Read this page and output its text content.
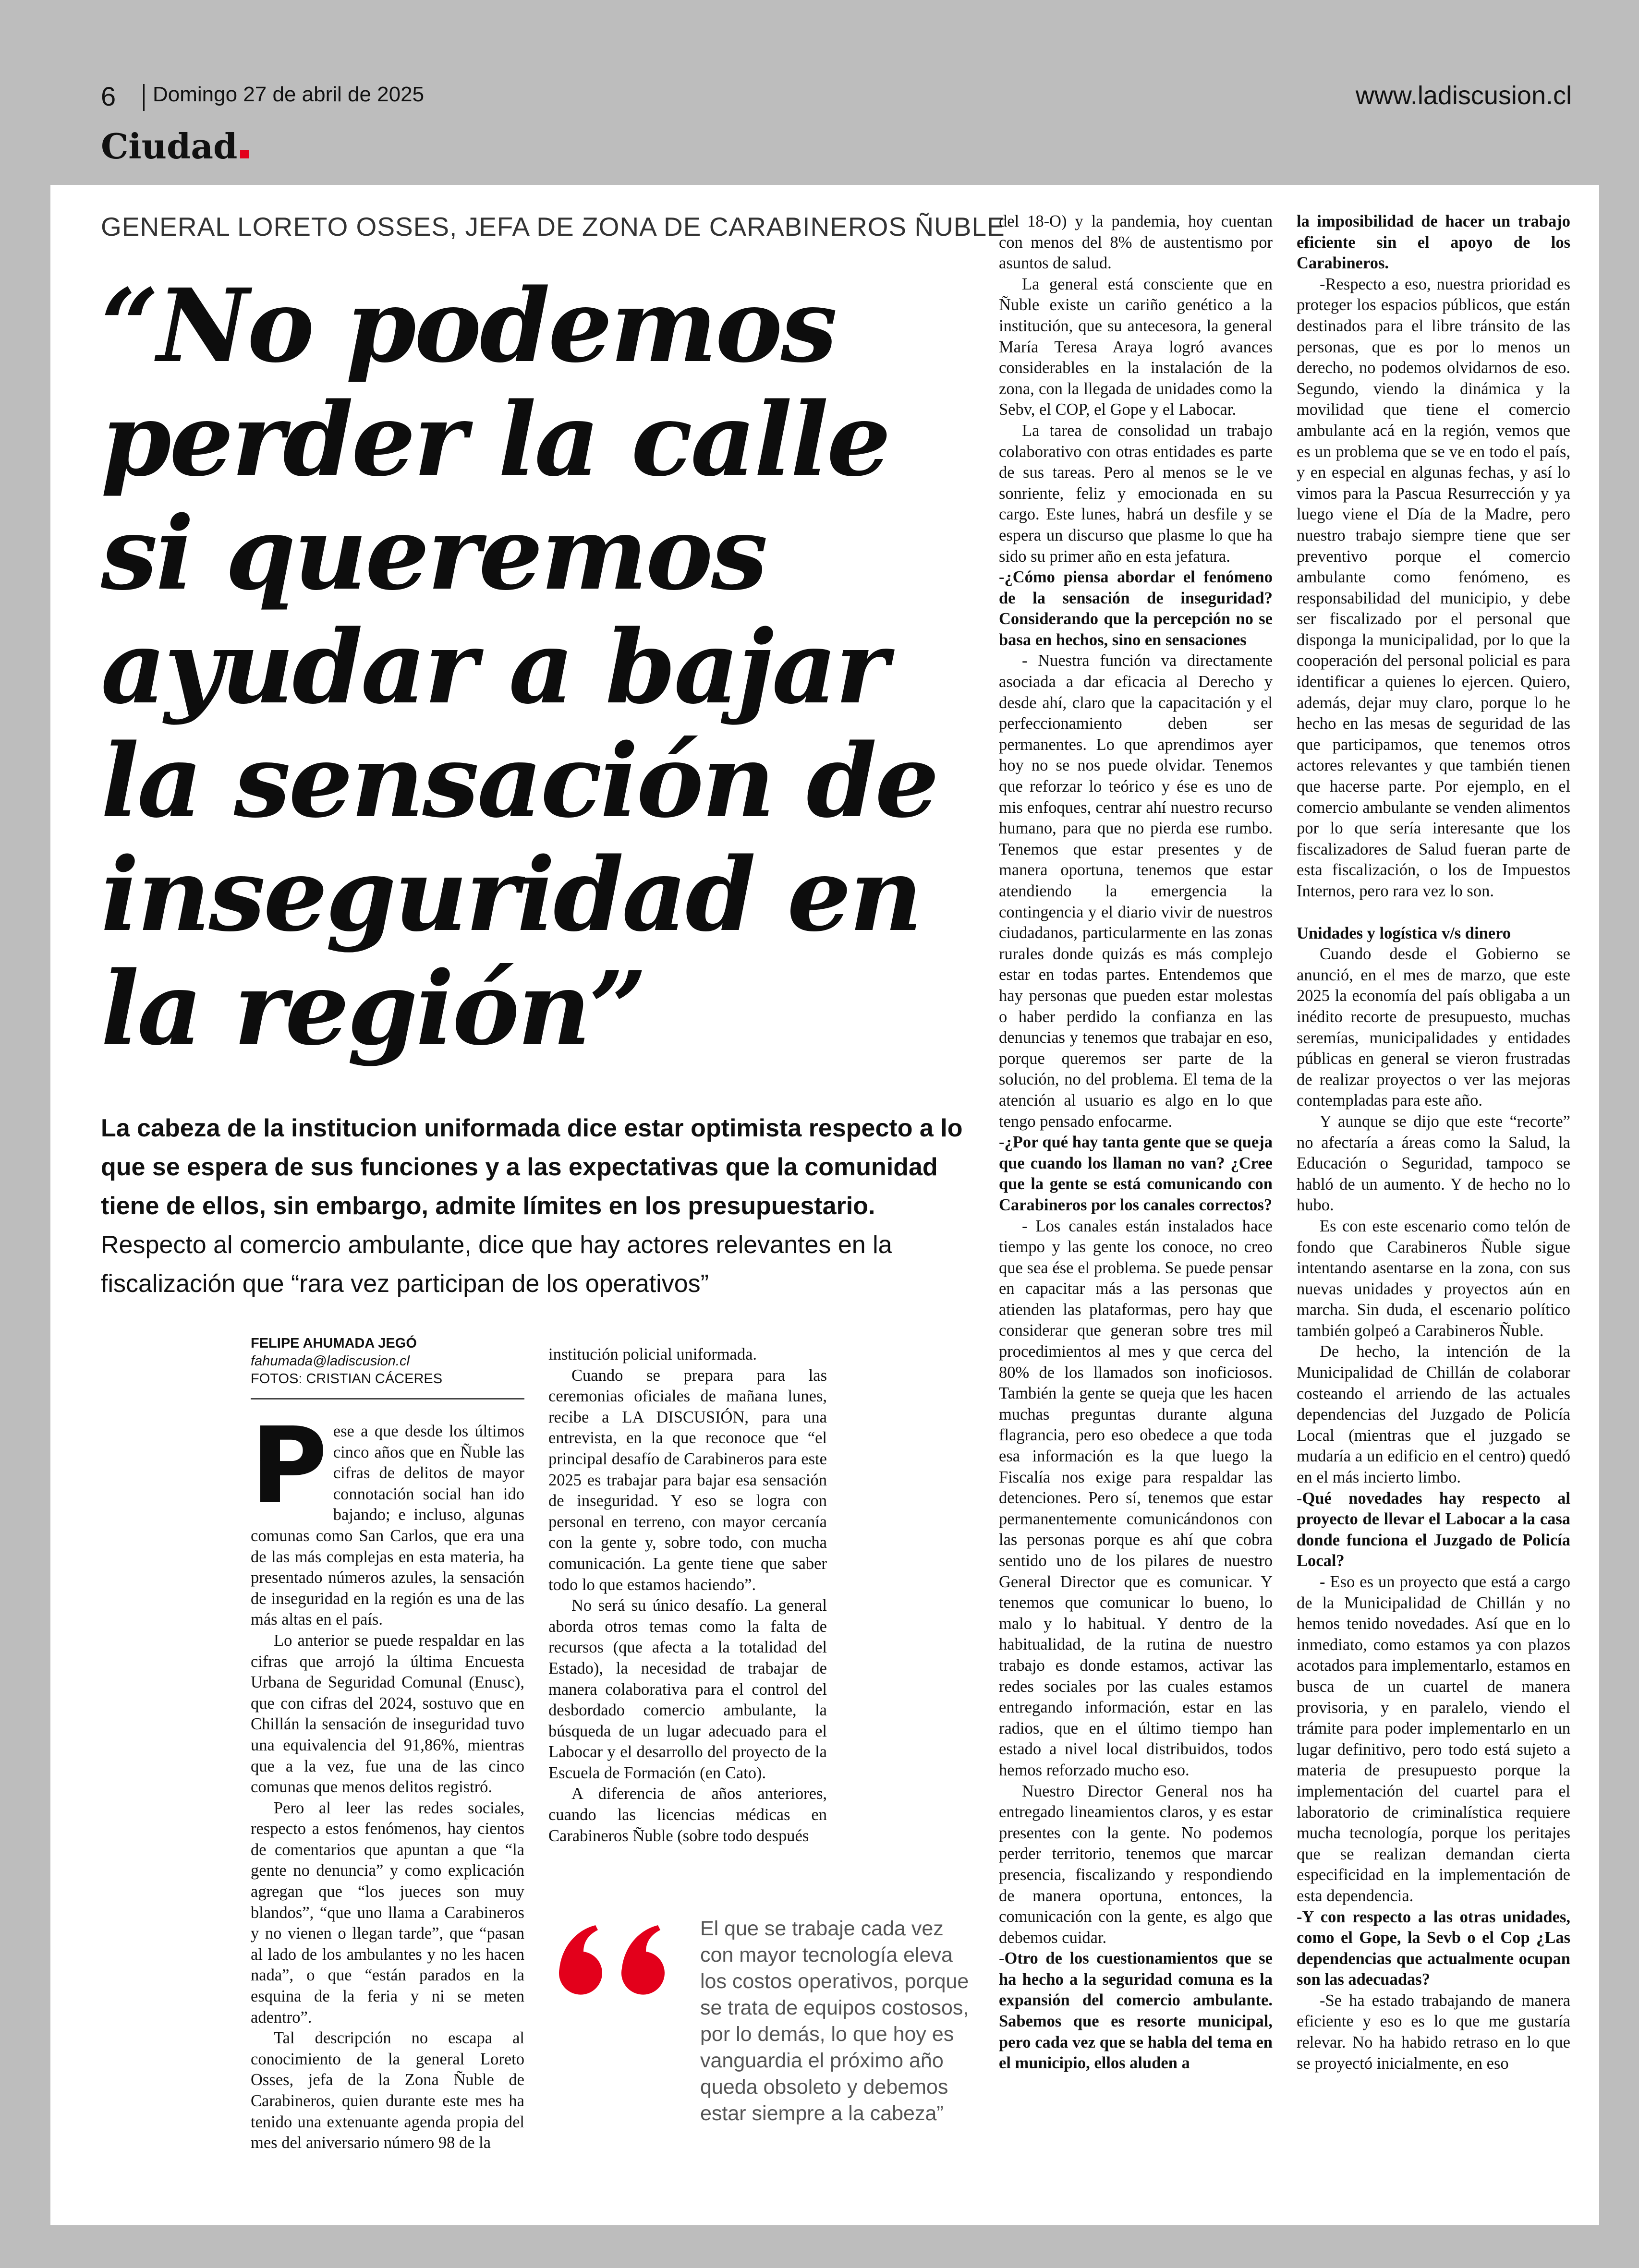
6 Domingo 27 de abril de 2025	www.ladiscusion.cl
Ciudad
GENERAL LORETO OSSES, JEFA DE ZONA DE CARABINEROS ÑUBLE
“No podemos perder la calle si queremos ayudar a bajar la sensación de inseguridad en la región”
La cabeza de la institucion uniformada dice estar optimista respecto a lo que se espera de sus funciones y a las expectativas que la comunidad tiene de ellos, sin embargo, admite límites en los presupuestario. Respecto al comercio ambulante, dice que hay actores relevantes en la fiscalización que “rara vez participan de los operativos”
FELIPE AHUMADA JEGÓ
fahumada@ladiscusion.cl
FOTOS: CRISTIAN CÁCERES
P ese a que desde los últimos cinco años que en Ñuble las cifras de delitos de mayor connotación social han ido bajando; e incluso, algunas comunas como San Carlos, que era una de las más complejas en esta materia, ha presentado números azules, la sensación de inseguridad en la región es una de las más altas en el país.

Lo anterior se puede respaldar en las cifras que arrojó la última Encuesta Urbana de Seguridad Comunal (Enusc), que con cifras del 2024, sostuvo que en Chillán la sensación de inseguridad tuvo una equivalencia del 91,86%, mientras que a la vez, fue una de las cinco comunas que menos delitos registró.

Pero al leer las redes sociales, respecto a estos fenómenos, hay cientos de comentarios que apuntan a que “la gente no denuncia” y como explicación agregan que “los jueces son muy blandos”, “que uno llama a Carabineros y no vienen o llegan tarde”, que “pasan al lado de los ambulantes y no les hacen nada”, o que “están parados en la esquina de la feria y ni se meten adentro”.

Tal descripción no escapa al conocimiento de la general Loreto Osses, jefa de la Zona Ñuble de Carabineros, quien durante este mes ha tenido una extenuante agenda propia del mes del aniversario número 98 de la

institución policial uniformada.

Cuando se prepara para las ceremonias oficiales de mañana lunes, recibe a LA DISCUSIÓN, para una entrevista, en la que reconoce que “el principal desafío de Carabineros para este 2025 es trabajar para bajar esa sensación de inseguridad. Y eso se logra con personal en terreno, con mayor cercanía con la gente y, sobre todo, con mucha comunicación. La gente tiene que saber todo lo que estamos haciendo”.

No será su único desafío. La general aborda otros temas como la falta de recursos (que afecta a la totalidad del Estado), la necesidad de trabajar de manera colaborativa para el control del desbordado comercio ambulante, la búsqueda de un lugar adecuado para el Labocar y el desarrollo del proyecto de la Escuela de Formación (en Cato).

A diferencia de años anteriores, cuando las licencias médicas en Carabineros Ñuble (sobre todo después

El que se trabaje cada vez con mayor tecnología eleva los costos operativos, porque se trata de equipos costosos, por lo demás, lo que hoy es vanguardia el próximo año queda obsoleto y debemos estar siempre a la cabeza”

del 18-O) y la pandemia, hoy cuentan con menos del 8% de austentismo por asuntos de salud.

La general está consciente que en Ñuble existe un cariño genético a la institución, que su antecesora, la general María Teresa Araya logró avances considerables en la instalación de la zona, con la llegada de unidades como la Sebv, el COP, el Gope y el Labocar.

La tarea de consolidad un trabajo colaborativo con otras entidades es parte de sus tareas. Pero al menos se le ve sonriente, feliz y emocionada en su cargo. Este lunes, habrá un desfile y se espera un discurso que plasme lo que ha sido su primer año en esta jefatura.

-¿Cómo piensa abordar el fenómeno de la sensación de inseguridad? Considerando que la percepción no se basa en hechos, sino en sensaciones

- Nuestra función va directamente asociada a dar eficacia al Derecho y desde ahí, claro que la capacitación y el perfeccionamiento deben ser permanentes. Lo que aprendimos ayer hoy no se nos puede olvidar. Tenemos que reforzar lo teórico y ése es uno de mis enfoques, centrar ahí nuestro recurso humano, para que no pierda ese rumbo. Tenemos que estar presentes y de manera oportuna, tenemos que estar atendiendo la emergencia la contingencia y el diario vivir de nuestros ciudadanos, particularmente en las zonas rurales donde quizás es más complejo estar en todas partes. Entendemos que hay personas que pueden estar molestas o haber perdido la confianza en las denuncias y tenemos que trabajar en eso, porque queremos ser parte de la solución, no del problema. El tema de la atención al usuario es algo en lo que tengo pensado enfocarme.

-¿Por qué hay tanta gente que se queja que cuando los llaman no van? ¿Cree que la gente se está comunicando con Carabineros por los canales correctos?

- Los canales están instalados hace tiempo y las gente los conoce, no creo que sea ése el problema. Se puede pensar en capacitar más a las personas que atienden las plataformas, pero hay que considerar que generan sobre tres mil procedimientos al mes y que cerca del 80% de los llamados son inoficiosos. También la gente se queja que les hacen muchas preguntas durante alguna flagrancia, pero eso obedece a que toda esa información es la que luego la Fiscalía nos exige para respaldar las detenciones. Pero sí, tenemos que estar permanentemente comunicándonos con las personas porque es ahí que cobra sentido uno de los pilares de nuestro General Director que es comunicar. Y tenemos que comunicar lo bueno, lo malo y lo habitual. Y dentro de la habitualidad, de la rutina de nuestro trabajo es donde estamos, activar las redes sociales por las cuales estamos entregando información, estar en las radios, que en el último tiempo han estado a nivel local distribuidos, todos hemos reforzado mucho eso.

Nuestro Director General nos ha entregado lineamientos claros, y es estar presentes con la gente. No podemos perder territorio, tenemos que marcar presencia, fiscalizando y respondiendo de manera oportuna, entonces, la comunicación con la gente, es algo que debemos cuidar.

-Otro de los cuestionamientos que se ha hecho a la seguridad comuna es la expansión del comercio ambulante. Sabemos que es resorte municipal, pero cada vez que se habla del tema en el municipio, ellos aluden a

la imposibilidad de hacer un trabajo eficiente sin el apoyo de los Carabineros.

-Respecto a eso, nuestra prioridad es proteger los espacios públicos, que están destinados para el libre tránsito de las personas, que es por lo menos un derecho, no podemos olvidarnos de eso. Segundo, viendo la dinámica y la movilidad que tiene el comercio ambulante acá en la región, vemos que es un problema que se ve en todo el país, y en especial en algunas fechas, y así lo vimos para la Pascua Resurrección y ya luego viene el Día de la Madre, pero nuestro trabajo siempre tiene que ser preventivo porque el comercio ambulante como fenómeno, es responsabilidad del municipio, y debe ser fiscalizado por el personal que disponga la municipalidad, por lo que la cooperación del personal policial es para identificar a quienes lo ejercen. Quiero, además, dejar muy claro, porque lo he hecho en las mesas de seguridad de las que participamos, que tenemos otros actores relevantes y que también tienen que hacerse parte. Por ejemplo, en el comercio ambulante se venden alimentos por lo que sería interesante que los fiscalizadores de Salud fueran parte de esta fiscalización, o los de Impuestos Internos, pero rara vez lo son.

Unidades y logística v/s dinero

Cuando desde el Gobierno se anunció, en el mes de marzo, que este 2025 la economía del país obligaba a un inédito recorte de presupuesto, muchas seremías, municipalidades y entidades públicas en general se vieron frustradas de realizar proyectos o ver las mejoras contempladas para este año.

Y aunque se dijo que este “recorte” no afectaría a áreas como la Salud, la Educación o Seguridad, tampoco se habló de un aumento. Y de hecho no lo hubo.

Es con este escenario como telón de fondo que Carabineros Ñuble sigue intentando asentarse en la zona, con sus nuevas unidades y proyectos aún en marcha. Sin duda, el escenario político también golpeó a Carabineros Ñuble.

De hecho, la intención de la Municipalidad de Chillán de colaborar costeando el arriendo de las actuales dependencias del Juzgado de Policía Local (mientras que el juzgado se mudaría a un edificio en el centro) quedó en el más incierto limbo.

-Qué novedades hay respecto al proyecto de llevar el Labocar a la casa donde funciona el Juzgado de Policía Local?

- Eso es un proyecto que está a cargo de la Municipalidad de Chillán y no hemos tenido novedades. Así que en lo inmediato, como estamos ya con plazos acotados para implementarlo, estamos en busca de un cuartel de manera provisoria, y en paralelo, viendo el trámite para poder implementarlo en un lugar definitivo, pero todo está sujeto a materia de presupuesto porque la implementación del cuartel para el laboratorio de criminalística requiere mucha tecnología, porque los peritajes que se realizan demandan cierta especificidad en la implementación de esta dependencia.

-Y con respecto a las otras unidades, como el Gope, la Sevb o el Cop ¿Las dependencias que actualmente ocupan son las adecuadas?

-Se ha estado trabajando de manera eficiente y eso es lo que me gustaría relevar. No ha habido retraso en lo que se proyectó inicialmente, en eso
